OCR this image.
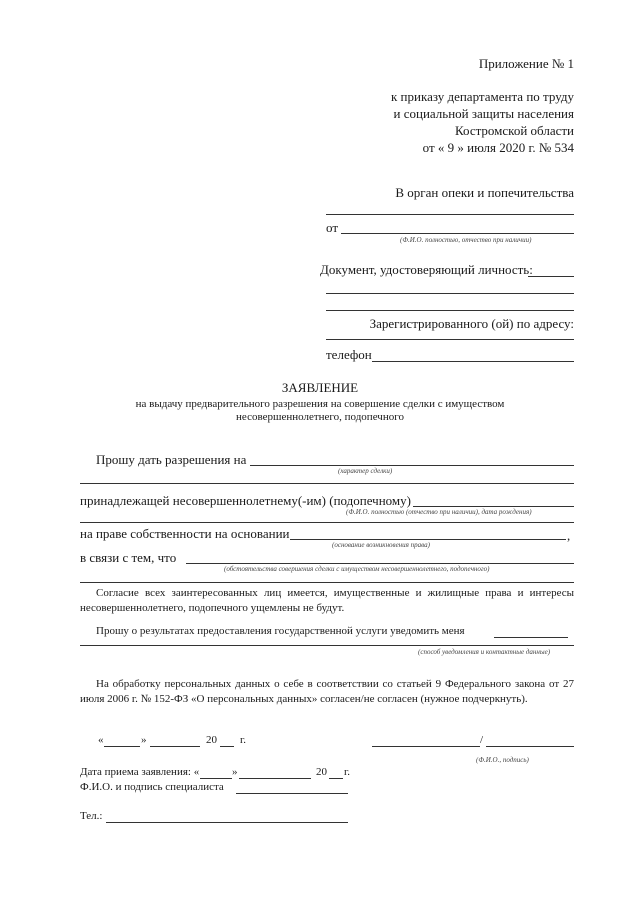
Приложение № 1
к приказу департамента по труду
и социальной защиты населения
Костромской области
от « 9 » июля 2020 г. № 534
В орган опеки и попечительства
от
(Ф.И.О. полностью, отчество при наличии)
Документ, удостоверяющий личность:
Зарегистрированного (ой) по адресу:
телефон
ЗАЯВЛЕНИЕ
на выдачу предварительного разрешения на совершение сделки с имуществом
несовершеннолетнего, подопечного
Прошу дать разрешения на
(характер сделки)
принадлежащей несовершеннолетнему(-им) (подопечному)
(Ф.И.О. полностью (отчество при наличии), дата рождения)
на праве собственности на основании	,
(основание возникновения права)
в связи с тем, что
(обстоятельства совершения сделки с имуществом несовершеннолетнего, подопечного)
Согласие всех заинтересованных лиц имеется, имущественные и жилищные права и интересы несовершеннолетнего, подопечного ущемлены не будут.
Прошу о результатах предоставления государственной услуги уведомить меня
(способ уведомления и контактные данные)
На обработку персональных данных о себе в соответствии со статьей 9 Федерального закона от 27 июля 2006 г. № 152-ФЗ «О персональных данных» согласен/не согласен (нужное подчеркнуть).
«	»	20 г.	/
(Ф.И.О., подпись)
Дата приема заявления: «	»	20 г.
Ф.И.О. и подпись специалиста
Тел.:
